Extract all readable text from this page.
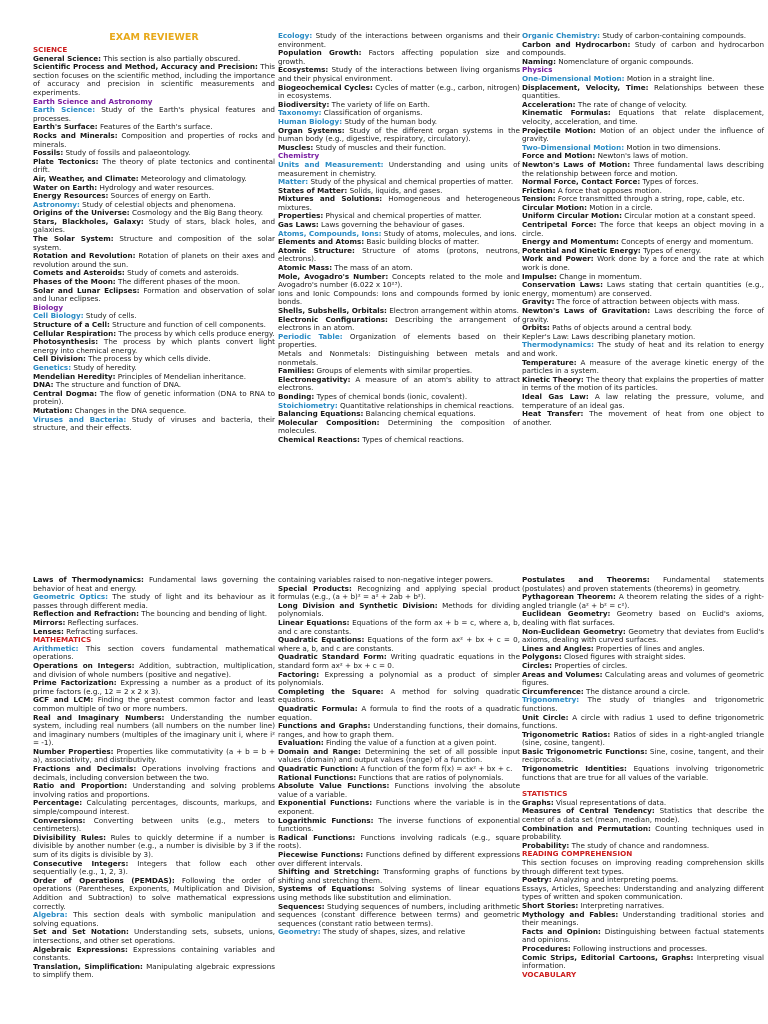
EXAM REVIEWER
SCIENCE
General Science: This section is also partially obscured.
Scientific Process and Method, Accuracy and Precision: This section focuses on the scientific method, including the importance of accuracy and precision in scientific measurements and experiments.
Earth Science and Astronomy
Earth Science: Study of the Earth's physical features and processes.
Earth's Surface: Features of the Earth's surface.
Rocks and Minerals: Composition and properties of rocks and minerals.
Fossils: Study of fossils and palaeontology.
Plate Tectonics: The theory of plate tectonics and continental drift.
Air, Weather, and Climate: Meteorology and climatology.
Water on Earth: Hydrology and water resources.
Energy Resources: Sources of energy on Earth.
Astronomy: Study of celestial objects and phenomena.
Origins of the Universe: Cosmology and the Big Bang theory.
Stars, Blackholes, Galaxy: Study of stars, black holes, and galaxies.
The Solar System: Structure and composition of the solar system.
Rotation and Revolution: Rotation of planets on their axes and revolution around the sun.
Comets and Asteroids: Study of comets and asteroids.
Phases of the Moon: The different phases of the moon.
Solar and Lunar Eclipses: Formation and observation of solar and lunar eclipses.
Biology
Cell Biology: Study of cells.
Structure of a Cell: Structure and function of cell components.
Cellular Respiration: The process by which cells produce energy.
Photosynthesis: The process by which plants convert light energy into chemical energy.
Cell Division: The process by which cells divide.
Genetics: Study of heredity.
Mendelian Heredity: Principles of Mendelian inheritance.
DNA: The structure and function of DNA.
Central Dogma: The flow of genetic information (DNA to RNA to protein).
Mutation: Changes in the DNA sequence.
Viruses and Bacteria: Study of viruses and bacteria, their structure, and their effects.
Ecology: Study of the interactions between organisms and their environment.
Population Growth: Factors affecting population size and growth.
Ecosystems: Study of the interactions between living organisms and their physical environment.
Biogeochemical Cycles: Cycles of matter (e.g., carbon, nitrogen) in ecosystems.
Biodiversity: The variety of life on Earth.
Taxonomy: Classification of organisms.
Human Biology: Study of the human body.
Organ Systems: Study of the different organ systems in the human body (e.g., digestive, respiratory, circulatory).
Muscles: Study of muscles and their function.
Chemistry
Units and Measurement: Understanding and using units of measurement in chemistry.
Matter: Study of the physical and chemical properties of matter.
States of Matter: Solids, liquids, and gases.
Mixtures and Solutions: Homogeneous and heterogeneous mixtures.
Properties: Physical and chemical properties of matter.
Gas Laws: Laws governing the behaviour of gases.
Atoms, Compounds, Ions: Study of atoms, molecules, and ions.
Elements and Atoms: Basic building blocks of matter.
Atomic Structure: Structure of atoms (protons, neutrons, electrons).
Atomic Mass: The mass of an atom.
Mole, Avogadro's Number: Concepts related to the mole and Avogadro's number (6.022 x 10²³).
Ions and Ionic Compounds: Ions and compounds formed by ionic bonds.
Shells, Subshells, Orbitals: Electron arrangement within atoms.
Electronic Configurations: Describing the arrangement of electrons in an atom.
Periodic Table: Organization of elements based on their properties.
Metals and Nonmetals: Distinguishing between metals and nonmetals.
Families: Groups of elements with similar properties.
Electronegativity: A measure of an atom's ability to attract electrons.
Bonding: Types of chemical bonds (ionic, covalent).
Stoichiometry: Quantitative relationships in chemical reactions.
Balancing Equations: Balancing chemical equations.
Molecular Composition: Determining the composition of molecules.
Chemical Reactions: Types of chemical reactions.
Organic Chemistry: Study of carbon-containing compounds.
Carbon and Hydrocarbon: Study of carbon and hydrocarbon compounds.
Naming: Nomenclature of organic compounds.
Physics
One-Dimensional Motion: Motion in a straight line.
Displacement, Velocity, Time: Relationships between these quantities.
Acceleration: The rate of change of velocity.
Kinematic Formulas: Equations that relate displacement, velocity, acceleration, and time.
Projectile Motion: Motion of an object under the influence of gravity.
Two-Dimensional Motion: Motion in two dimensions.
Force and Motion: Newton's laws of motion.
Newton's Laws of Motion: Three fundamental laws describing the relationship between force and motion.
Normal Force, Contact Force: Types of forces.
Friction: A force that opposes motion.
Tension: Force transmitted through a string, rope, cable, etc.
Circular Motion: Motion in a circle.
Uniform Circular Motion: Circular motion at a constant speed.
Centripetal Force: The force that keeps an object moving in a circle.
Energy and Momentum: Concepts of energy and momentum.
Potential and Kinetic Energy: Types of energy.
Work and Power: Work done by a force and the rate at which work is done.
Impulse: Change in momentum.
Conservation Laws: Laws stating that certain quantities (e.g., energy, momentum) are conserved.
Gravity: The force of attraction between objects with mass.
Newton's Laws of Gravitation: Laws describing the force of gravity.
Orbits: Paths of objects around a central body.
Kepler's Law: Laws describing planetary motion.
Thermodynamics: The study of heat and its relation to energy and work.
Temperature: A measure of the average kinetic energy of the particles in a system.
Kinetic Theory: The theory that explains the properties of matter in terms of the motion of its particles.
Ideal Gas Law: A law relating the pressure, volume, and temperature of an ideal gas.
Heat Transfer: The movement of heat from one object to another.
Laws of Thermodynamics: Fundamental laws governing the behavior of heat and energy.
Geometric Optics: The study of light and its behaviour as it passes through different media.
Reflection and Refraction: The bouncing and bending of light.
Mirrors: Reflecting surfaces.
Lenses: Refracting surfaces.
MATHEMATICS
Arithmetic: This section covers fundamental mathematical operations.
Operations on Integers: Addition, subtraction, multiplication, and division of whole numbers (positive and negative).
Prime Factorization: Expressing a number as a product of its prime factors (e.g., 12 = 2 x 2 x 3).
GCF and LCM: Finding the greatest common factor and least common multiple of two or more numbers.
Real and Imaginary Numbers: Understanding the number system, including real numbers (all numbers on the number line) and imaginary numbers (multiples of the imaginary unit i, where i² = -1).
Number Properties: Properties like commutativity (a + b = b + a), associativity, and distributivity.
Fractions and Decimals: Operations involving fractions and decimals, including conversion between the two.
Ratio and Proportion: Understanding and solving problems involving ratios and proportions.
Percentage: Calculating percentages, discounts, markups, and simple/compound interest.
Conversions: Converting between units (e.g., meters to centimeters).
Divisibility Rules: Rules to quickly determine if a number is divisible by another number (e.g., a number is divisible by 3 if the sum of its digits is divisible by 3).
Consecutive Integers: Integers that follow each other sequentially (e.g., 1, 2, 3).
Order of Operations (PEMDAS): Following the order of operations (Parentheses, Exponents, Multiplication and Division, Addition and Subtraction) to solve mathematical expressions correctly.
Algebra: This section deals with symbolic manipulation and solving equations.
Set and Set Notation: Understanding sets, subsets, unions, intersections, and other set operations.
Algebraic Expressions: Expressions containing variables and constants.
Translation, Simplification: Manipulating algebraic expressions to simplify them.
containing variables raised to non-negative integer powers.
Special Products: Recognizing and applying special product formulas (e.g., (a + b)² = a² + 2ab + b²).
Long Division and Synthetic Division: Methods for dividing polynomials.
Linear Equations: Equations of the form ax + b = c, where a, b, and c are constants.
Quadratic Equations: Equations of the form ax² + bx + c = 0, where a, b, and c are constants.
Quadratic Standard Form: Writing quadratic equations in the standard form ax² + bx + c = 0.
Factoring: Expressing a polynomial as a product of simpler polynomials.
Completing the Square: A method for solving quadratic equations.
Quadratic Formula: A formula to find the roots of a quadratic equation.
Functions and Graphs: Understanding functions, their domains, ranges, and how to graph them.
Evaluation: Finding the value of a function at a given point.
Domain and Range: Determining the set of all possible input values (domain) and output values (range) of a function.
Quadratic Function: A function of the form f(x) = ax² + bx + c.
Rational Functions: Functions that are ratios of polynomials.
Absolute Value Functions: Functions involving the absolute value of a variable.
Exponential Functions: Functions where the variable is in the exponent.
Logarithmic Functions: The inverse functions of exponential functions.
Radical Functions: Functions involving radicals (e.g., square roots).
Piecewise Functions: Functions defined by different expressions over different intervals.
Shifting and Stretching: Transforming graphs of functions by shifting and stretching them.
Systems of Equations: Solving systems of linear equations using methods like substitution and elimination.
Sequences: Studying sequences of numbers, including arithmetic sequences (constant difference between terms) and geometric sequences (constant ratio between terms).
Geometry: The study of shapes, sizes, and relative
Postulates and Theorems: Fundamental statements (postulates) and proven statements (theorems) in geometry.
Pythagorean Theorem: A theorem relating the sides of a right-angled triangle (a² + b² = c²).
Euclidean Geometry: Geometry based on Euclid's axioms, dealing with flat surfaces.
Non-Euclidean Geometry: Geometry that deviates from Euclid's axioms, dealing with curved surfaces.
Lines and Angles: Properties of lines and angles.
Polygons: Closed figures with straight sides.
Circles: Properties of circles.
Areas and Volumes: Calculating areas and volumes of geometric figures.
Circumference: The distance around a circle.
Trigonometry: The study of triangles and trigonometric functions.
Unit Circle: A circle with radius 1 used to define trigonometric functions.
Trigonometric Ratios: Ratios of sides in a right-angled triangle (sine, cosine, tangent).
Basic Trigonometric Functions: Sine, cosine, tangent, and their reciprocals.
Trigonometric Identities: Equations involving trigonometric functions that are true for all values of the variable.
STATISTICS
Graphs: Visual representations of data.
Measures of Central Tendency: Statistics that describe the center of a data set (mean, median, mode).
Combination and Permutation: Counting techniques used in probability.
Probability: The study of chance and randomness.
READING COMPREHENSION
This section focuses on improving reading comprehension skills through different text types.
Poetry: Analyzing and interpreting poems.
Essays, Articles, Speeches: Understanding and analyzing different types of written and spoken communication.
Short Stories: Interpreting narratives.
Mythology and Fables: Understanding traditional stories and their meanings.
Facts and Opinion: Distinguishing between factual statements and opinions.
Procedures: Following instructions and processes.
Comic Strips, Editorial Cartoons, Graphs: Interpreting visual information.
VOCABULARY
